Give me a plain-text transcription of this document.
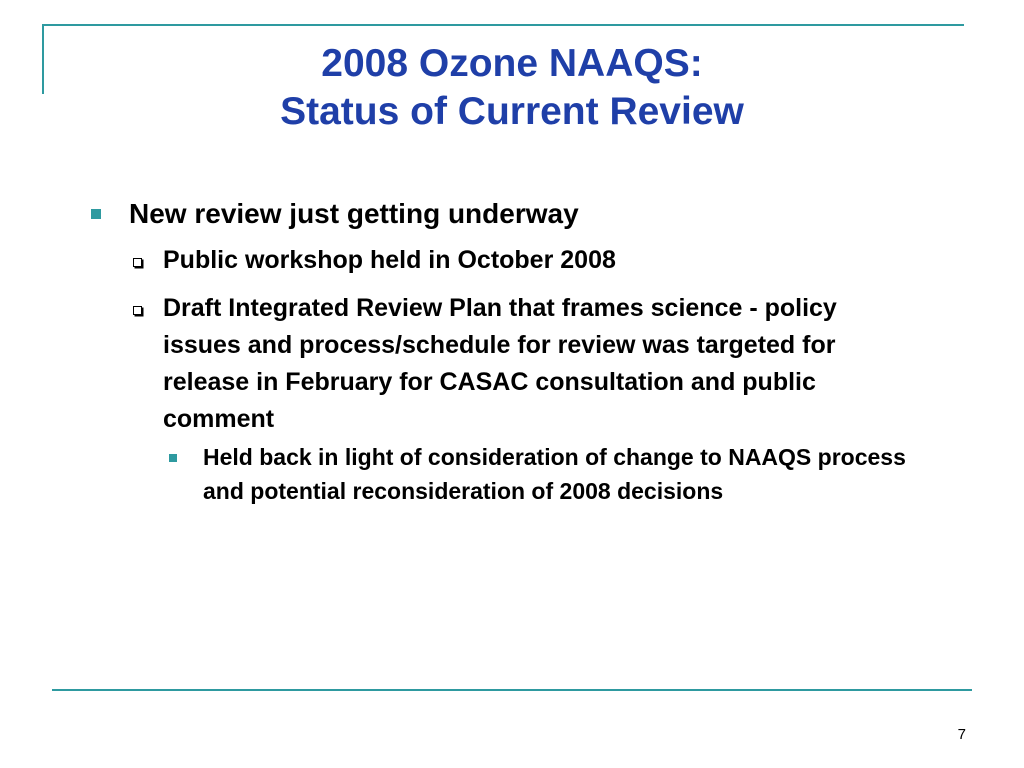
2008 Ozone NAAQS:
Status of Current Review
New review just getting underway
Public workshop held in October 2008
Draft Integrated Review Plan that frames science - policy issues and process/schedule for review was targeted for release in February for CASAC consultation and public comment
Held back in light of consideration of change to NAAQS process and potential reconsideration of 2008 decisions
7
